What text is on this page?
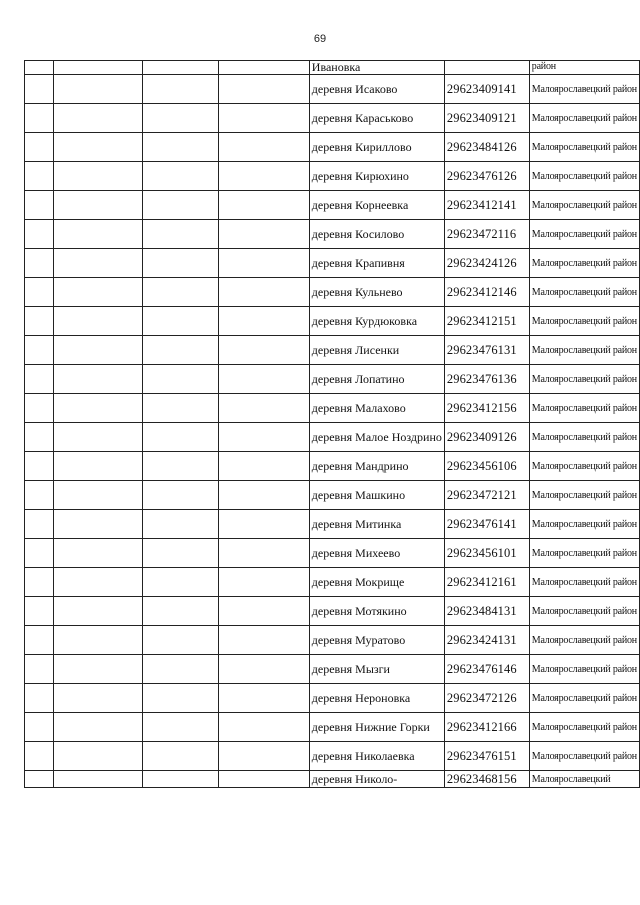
69
				Ивановка		район
				деревня Исаково	29623409141	Малоярославецкий район
				деревня Караськово	29623409121	Малоярославецкий район
				деревня Кириллово	29623484126	Малоярославецкий район
				деревня Кирюхино	29623476126	Малоярославецкий район
				деревня Корнеевка	29623412141	Малоярославецкий район
				деревня Косилово	29623472116	Малоярославецкий район
				деревня Крапивня	29623424126	Малоярославецкий район
				деревня Кульнево	29623412146	Малоярославецкий район
				деревня Курдюковка	29623412151	Малоярославецкий район
				деревня Лисенки	29623476131	Малоярославецкий район
				деревня Лопатино	29623476136	Малоярославецкий район
				деревня Малахово	29623412156	Малоярославецкий район
				деревня Малое Ноздрино	29623409126	Малоярославецкий район
				деревня Мандрино	29623456106	Малоярославецкий район
				деревня Машкино	29623472121	Малоярославецкий район
				деревня Митинка	29623476141	Малоярославецкий район
				деревня Михеево	29623456101	Малоярославецкий район
				деревня Мокрище	29623412161	Малоярославецкий район
				деревня Мотякино	29623484131	Малоярославецкий район
				деревня Муратово	29623424131	Малоярославецкий район
				деревня Мызги	29623476146	Малоярославецкий район
				деревня Нероновка	29623472126	Малоярославецкий район
				деревня Нижние Горки	29623412166	Малоярославецкий район
				деревня Николаевка	29623476151	Малоярославецкий район
				деревня Николо-	29623468156	Малоярославецкий
